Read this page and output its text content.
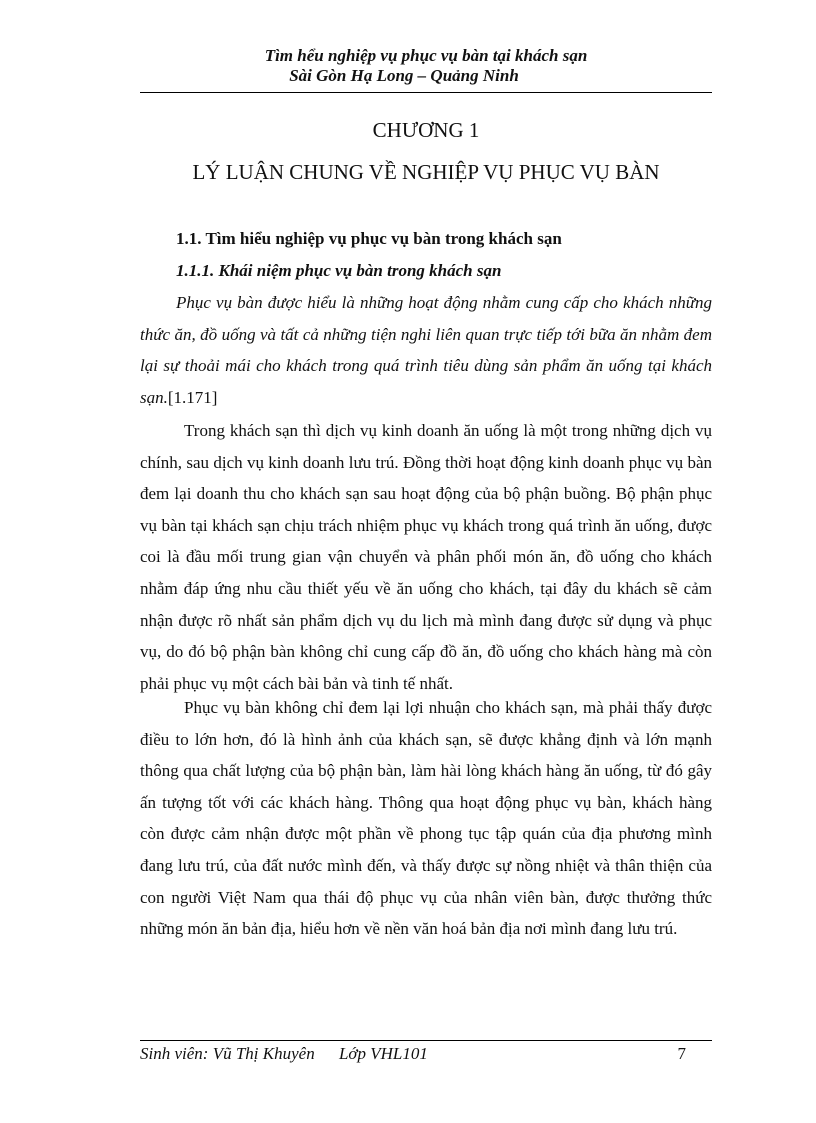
Tìm hểu nghiệp vụ phục vụ bàn tại khách sạn
Sài Gòn Hạ Long – Quảng Ninh
CHƯƠNG 1
LÝ LUẬN CHUNG VỀ NGHIỆP VỤ PHỤC VỤ BÀN
1.1. Tìm hiểu nghiệp vụ phục vụ bàn trong khách sạn
1.1.1. Khái niệm phục vụ bàn trong khách sạn
Phục vụ bàn được hiểu là những hoạt động nhằm cung cấp cho khách những thức ăn, đồ uống và tất cả những tiện nghi liên quan trực tiếp tới bữa ăn nhằm đem lại sự thoải mái cho khách trong quá trình tiêu dùng sản phẩm ăn uống tại khách sạn.[1.171]
Trong khách sạn thì dịch vụ kinh doanh ăn uống là một trong những dịch vụ chính, sau dịch vụ kinh doanh lưu trú. Đồng thời hoạt động kinh doanh phục vụ bàn đem lại doanh thu cho khách sạn sau hoạt động của bộ phận buồng. Bộ phận phục vụ bàn tại khách sạn chịu trách nhiệm phục vụ khách trong quá trình ăn uống, được coi là đầu mối trung gian vận chuyển và phân phối món ăn, đồ uống cho khách nhằm đáp ứng nhu cầu thiết yếu về ăn uống cho khách, tại đây du khách sẽ cảm nhận được rõ nhất sản phẩm dịch vụ du lịch mà mình đang được sử dụng và phục vụ, do đó bộ phận bàn không chỉ cung cấp đồ ăn, đồ uống cho khách hàng mà còn phải phục vụ một cách bài bản và tinh tế nhất.
Phục vụ bàn không chỉ đem lại lợi nhuận cho khách sạn, mà phải thấy được điều to lớn hơn, đó là hình ảnh của khách sạn, sẽ được khẳng định và lớn mạnh thông qua chất lượng của bộ phận bàn, làm hài lòng khách hàng ăn uống, từ đó gây ấn tượng tốt với các khách hàng. Thông qua hoạt động phục vụ bàn, khách hàng còn được cảm nhận được một phần về phong tục tập quán của địa phương mình đang lưu trú, của đất nước mình đến, và thấy được sự nồng nhiệt và thân thiện của con người Việt Nam qua thái độ phục vụ của nhân viên bàn, được thưởng thức những món ăn bản địa, hiểu hơn về nền văn hoá bản địa nơi mình đang lưu trú.
Sinh viên: Vũ Thị Khuyên Lớp VHL101	7
